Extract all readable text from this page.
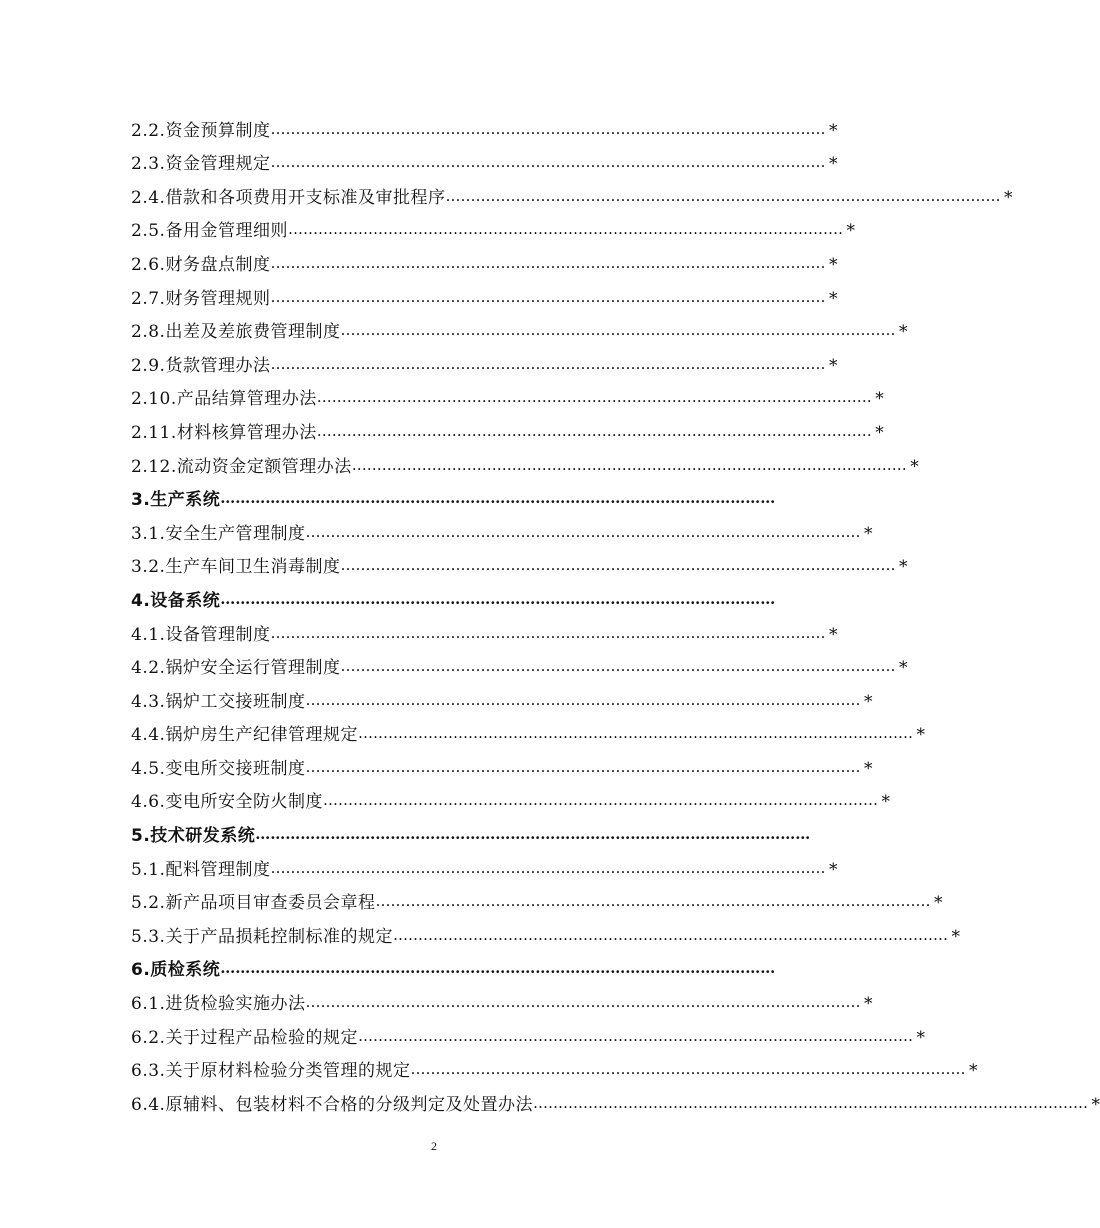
2.2.资金预算制度 ………………………………………………………………………………………………… *
2.3.资金管理规定 ………………………………………………………………………………………………… *
2.4.借款和各项费用开支标准及审批程序 ………………………………………………………………………………………………… *
2.5.备用金管理细则 ………………………………………………………………………………………………… *
2.6.财务盘点制度 ………………………………………………………………………………………………… *
2.7.财务管理规则 ………………………………………………………………………………………………… *
2.8.出差及差旅费管理制度 ………………………………………………………………………………………………… *
2.9.货款管理办法 ………………………………………………………………………………………………… *
2.10.产品结算管理办法 ………………………………………………………………………………………………… *
2.11.材料核算管理办法 ………………………………………………………………………………………………… *
2.12.流动资金定额管理办法 ………………………………………………………………………………………………… *
3.生产系统 …………………………………………………………………………………………………
3.1.安全生产管理制度 ………………………………………………………………………………………………… *
3.2.生产车间卫生消毒制度 ………………………………………………………………………………………………… *
4.设备系统 …………………………………………………………………………………………………
4.1.设备管理制度 ………………………………………………………………………………………………… *
4.2.锅炉安全运行管理制度 ………………………………………………………………………………………………… *
4.3.锅炉工交接班制度 ………………………………………………………………………………………………… *
4.4.锅炉房生产纪律管理规定 ………………………………………………………………………………………………… *
4.5.变电所交接班制度 ………………………………………………………………………………………………… *
4.6.变电所安全防火制度 ………………………………………………………………………………………………… *
5.技术研发系统 …………………………………………………………………………………………………
5.1.配料管理制度 ………………………………………………………………………………………………… *
5.2.新产品项目审查委员会章程 ………………………………………………………………………………………………… *
5.3.关于产品损耗控制标准的规定 ………………………………………………………………………………………………… *
6.质检系统 …………………………………………………………………………………………………
6.1.进货检验实施办法 ………………………………………………………………………………………………… *
6.2.关于过程产品检验的规定 ………………………………………………………………………………………………… *
6.3.关于原材料检验分类管理的规定 ………………………………………………………………………………………………… *
6.4.原辅料、包装材料不合格的分级判定及处置办法 ………………………………………………………………………………………………… *
2
